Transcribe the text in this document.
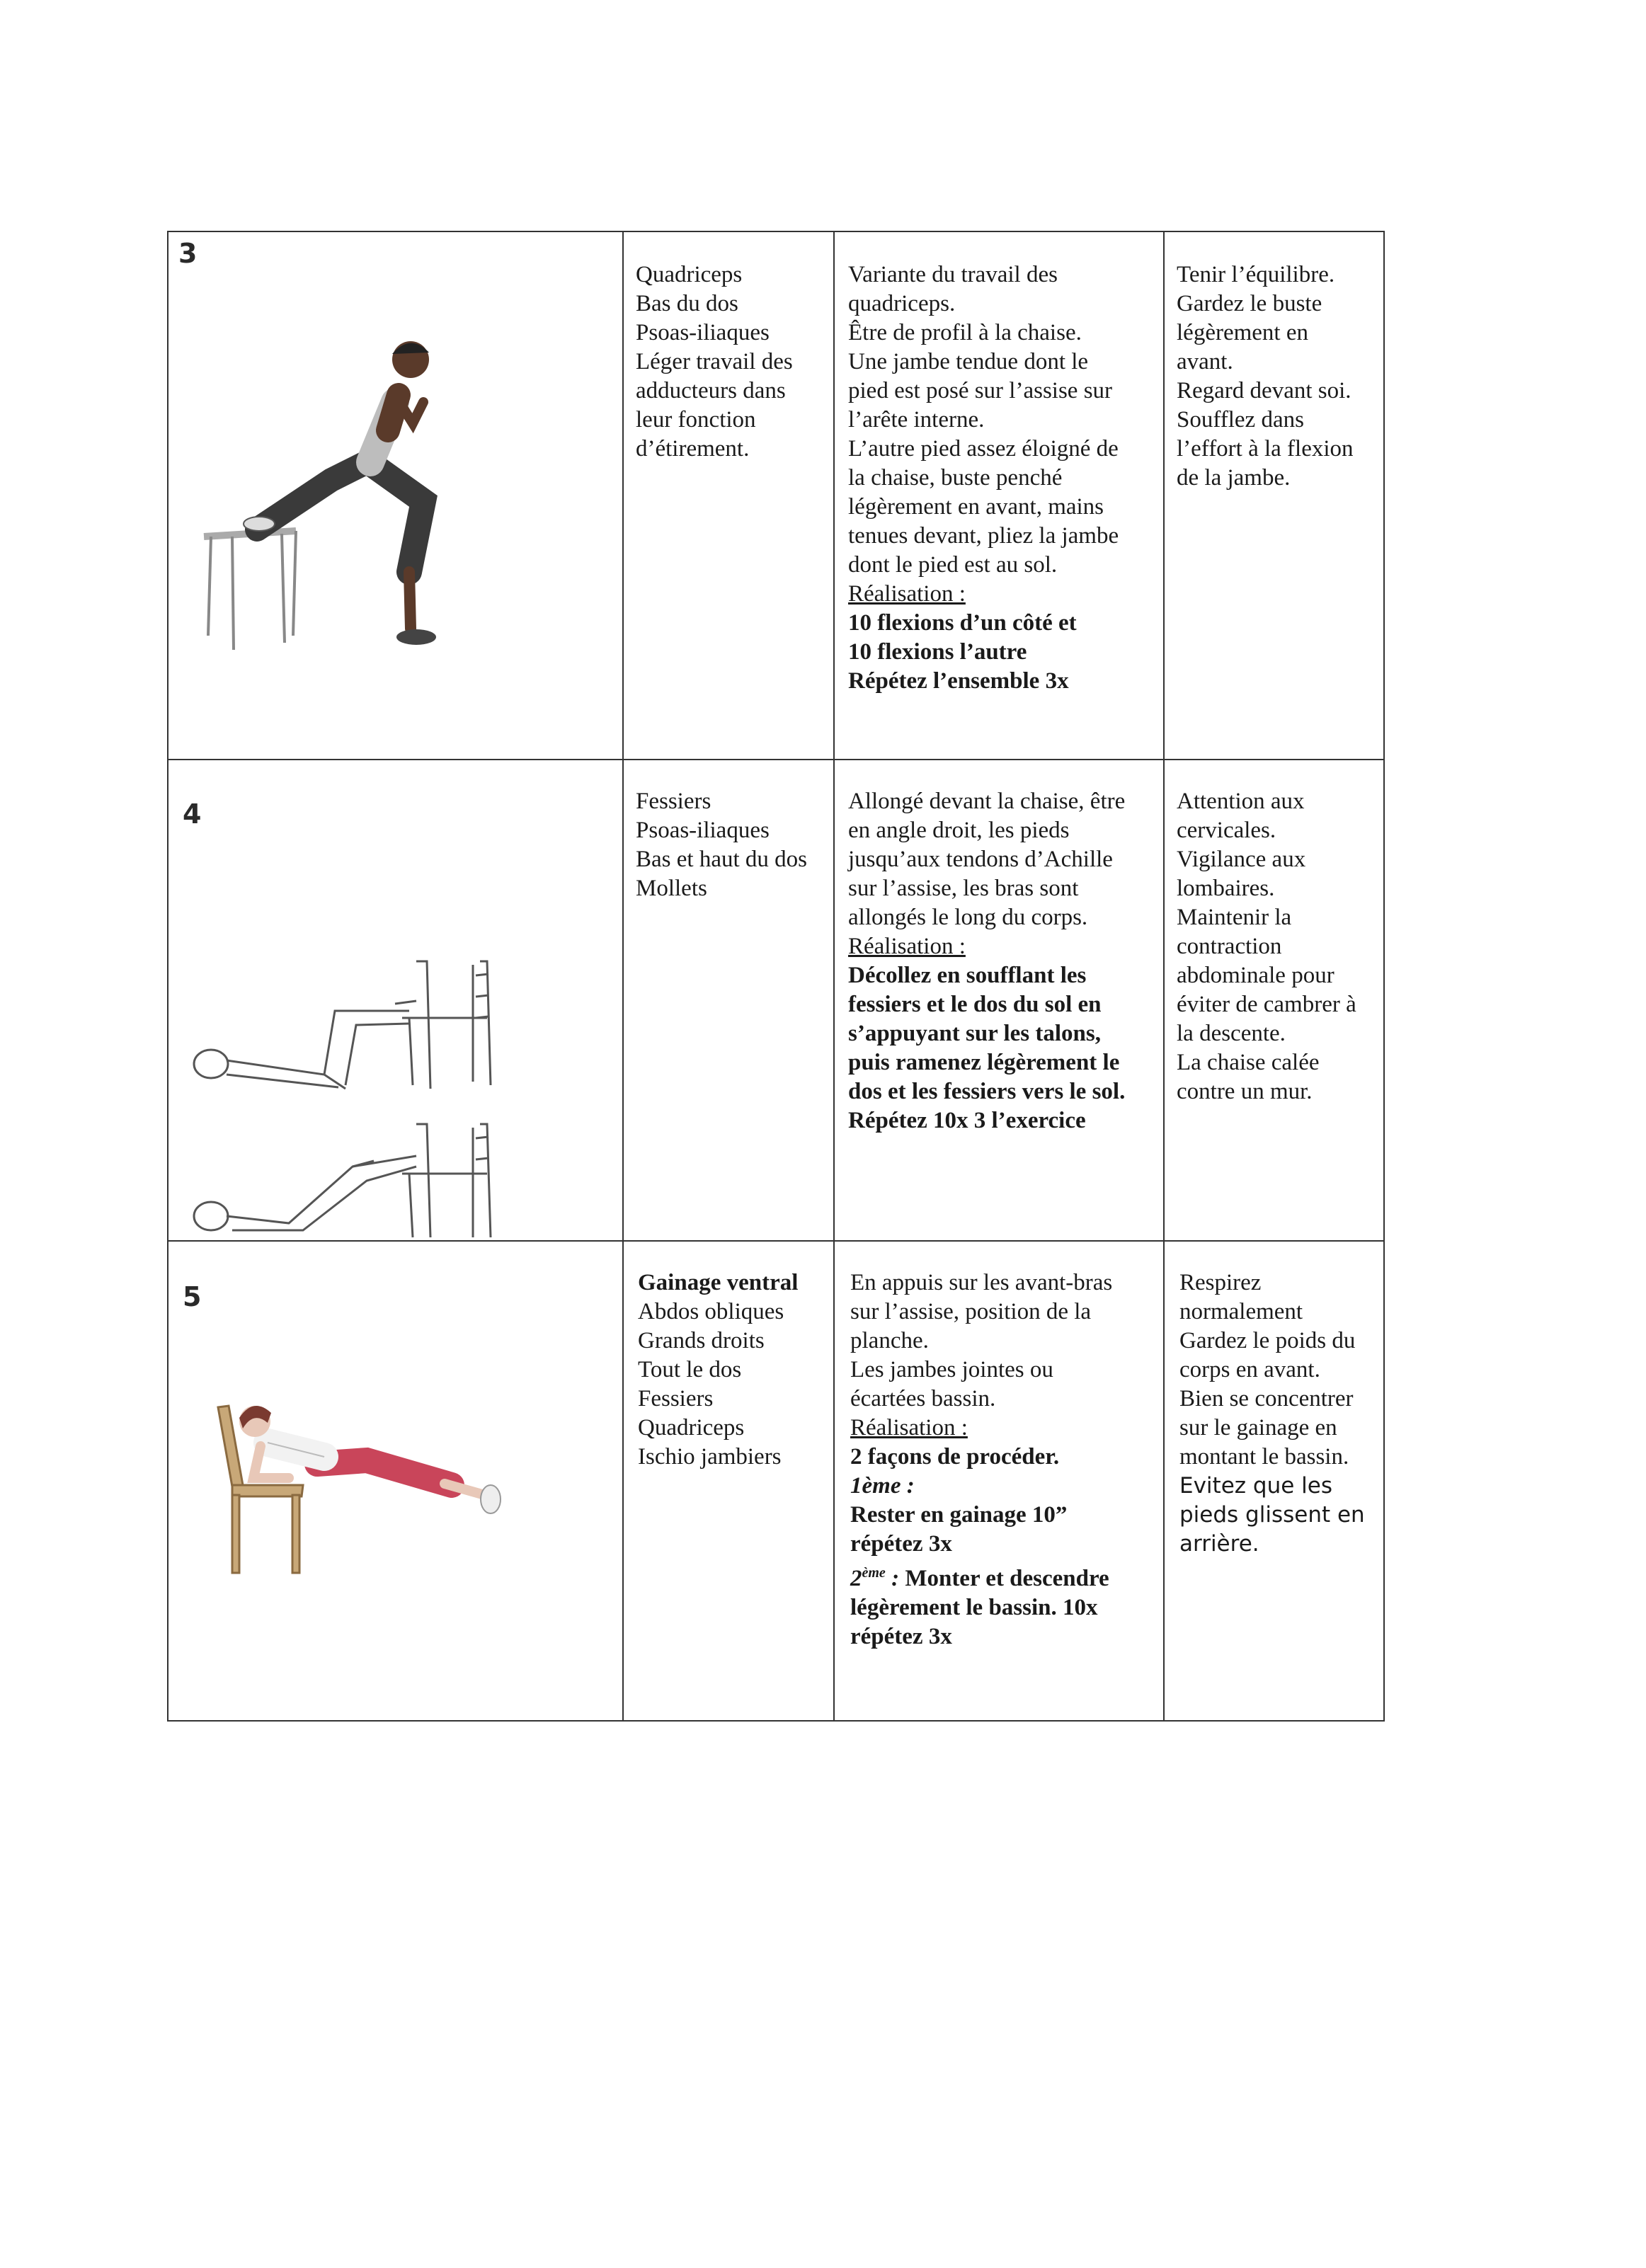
3
Quadriceps
Bas du dos
Psoas-iliaques
Léger travail des
adducteurs dans
leur fonction
d’étirement.
Variante du travail des
quadriceps.
Être de profil à la chaise.
Une jambe tendue dont le
pied est posé sur l’assise sur
l’arête interne.
L’autre pied assez éloigné de
la chaise, buste penché
légèrement en avant, mains
tenues devant, pliez la jambe
dont le pied est au sol.
Réalisation :
10 flexions d’un côté et
10 flexions l’autre
Répétez l’ensemble 3x
Tenir l’équilibre.
Gardez le buste
légèrement en
avant.
Regard devant soi.
Soufflez dans
l’effort à la flexion
de la jambe.
4	Fessiers
Psoas-iliaques
Bas et haut du dos
Mollets
Allongé devant la chaise, être
en angle droit, les pieds
jusqu’aux tendons d’Achille
sur l’assise, les bras sont
allongés le long du corps.
Réalisation :
Décollez en soufflant les
fessiers et le dos du sol en
s’appuyant sur les talons,
puis ramenez légèrement le
dos et les fessiers vers le sol.
Répétez 10x 3 l’exercice
Attention aux
cervicales.
Vigilance aux
lombaires.
Maintenir la
contraction
abdominale pour
éviter de cambrer à
la descente.
La chaise calée
contre un mur.
5	Gainage ventral
Abdos obliques
Grands droits
Tout le dos
Fessiers
Quadriceps
Ischio jambiers
En appuis sur les avant-bras
sur l’assise, position de la
planche.
Les jambes jointes ou
écartées bassin.
Réalisation :
2 façons de procéder.
1ème :
Rester en gainage 10”
répétez 3x
2ème : Monter et descendre
légèrement le bassin. 10x
répétez 3x
Respirez
normalement
Gardez le poids du
corps en avant.
Bien se concentrer
sur le gainage en
montant le bassin.
Evitez que les
pieds glissent en
arrière.
